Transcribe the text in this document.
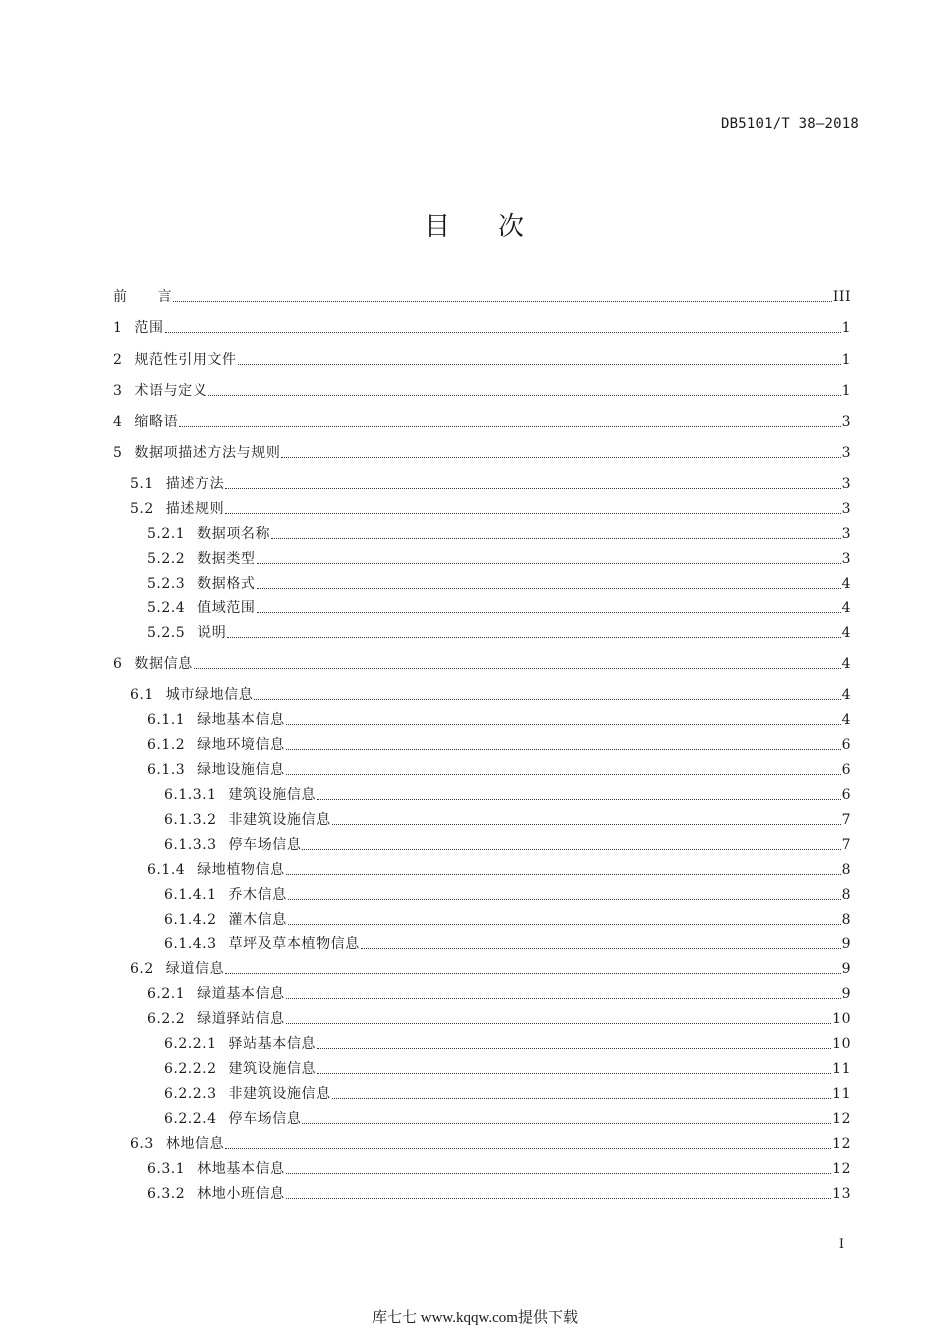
DB5101/T 38—2018
目 次
前 言	III
1 范围	1
2 规范性引用文件	1
3 术语与定义	1
4 缩略语	3
5 数据项描述方法与规则	3
5.1 描述方法	3
5.2 描述规则	3
5.2.1 数据项名称	3
5.2.2 数据类型	3
5.2.3 数据格式	4
5.2.4 值域范围	4
5.2.5 说明	4
6 数据信息	4
6.1 城市绿地信息	4
6.1.1 绿地基本信息	4
6.1.2 绿地环境信息	6
6.1.3 绿地设施信息	6
6.1.3.1 建筑设施信息	6
6.1.3.2 非建筑设施信息	7
6.1.3.3 停车场信息	7
6.1.4 绿地植物信息	8
6.1.4.1 乔木信息	8
6.1.4.2 灌木信息	8
6.1.4.3 草坪及草本植物信息	9
6.2 绿道信息	9
6.2.1 绿道基本信息	9
6.2.2 绿道驿站信息	10
6.2.2.1 驿站基本信息	10
6.2.2.2 建筑设施信息	11
6.2.2.3 非建筑设施信息	11
6.2.2.4 停车场信息	12
6.3 林地信息	12
6.3.1 林地基本信息	12
6.3.2 林地小班信息	13
I
库七七 www.kqqw.com提供下载
